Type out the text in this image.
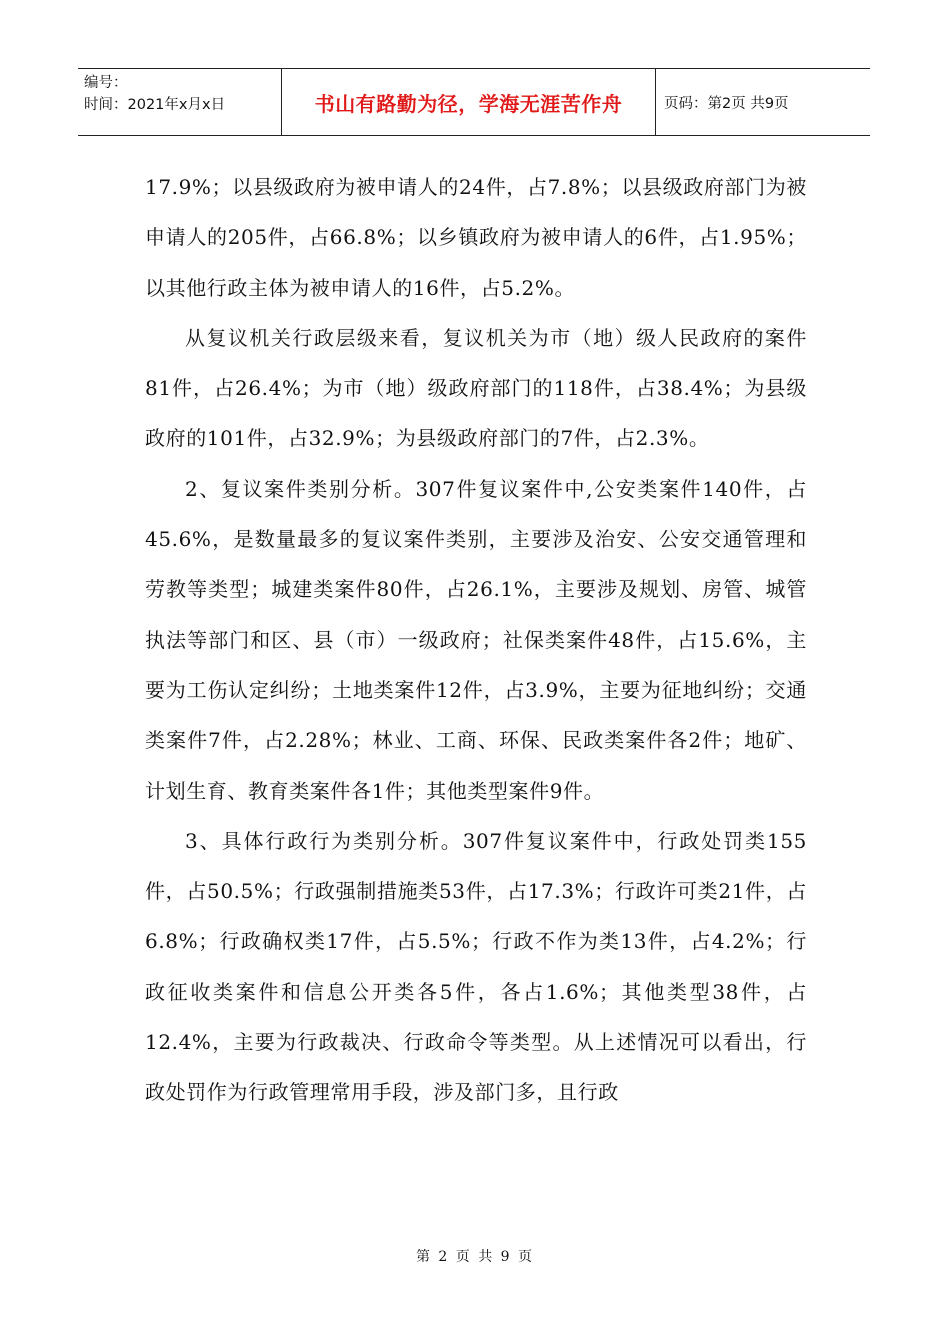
编号：
时间：2021年x月x日	书山有路勤为径，学海无涯苦作舟	页码：第2页 共9页

17.9%；以县级政府为被申请人的24件，占7.8%；以县级政府部门为被申请人的205件，占66.8%；以乡镇政府为被申请人的6件，占1.95%；以其他行政主体为被申请人的16件，占5.2%。

从复议机关行政层级来看，复议机关为市（地）级人民政府的案件81件，占26.4%；为市（地）级政府部门的118件，占38.4%；为县级政府的101件，占32.9%；为县级政府部门的7件，占2.3%。

2、复议案件类别分析。307件复议案件中,公安类案件140件，占45.6%，是数量最多的复议案件类别，主要涉及治安、公安交通管理和劳教等类型；城建类案件80件，占26.1%，主要涉及规划、房管、城管执法等部门和区、县（市）一级政府；社保类案件48件，占15.6%，主要为工伤认定纠纷；土地类案件12件，占3.9%，主要为征地纠纷；交通类案件7件，占2.28%；林业、工商、环保、民政类案件各2件；地矿、计划生育、教育类案件各1件；其他类型案件9件。

3、具体行政行为类别分析。307件复议案件中，行政处罚类155件，占50.5%；行政强制措施类53件，占17.3%；行政许可类21件，占6.8%；行政确权类17件，占5.5%；行政不作为类13件，占4.2%；行政征收类案件和信息公开类各5件，各占1.6%；其他类型38件，占12.4%，主要为行政裁决、行政命令等类型。从上述情况可以看出，行政处罚作为行政管理常用手段，涉及部门多，且行政

第 2 页 共 9 页
